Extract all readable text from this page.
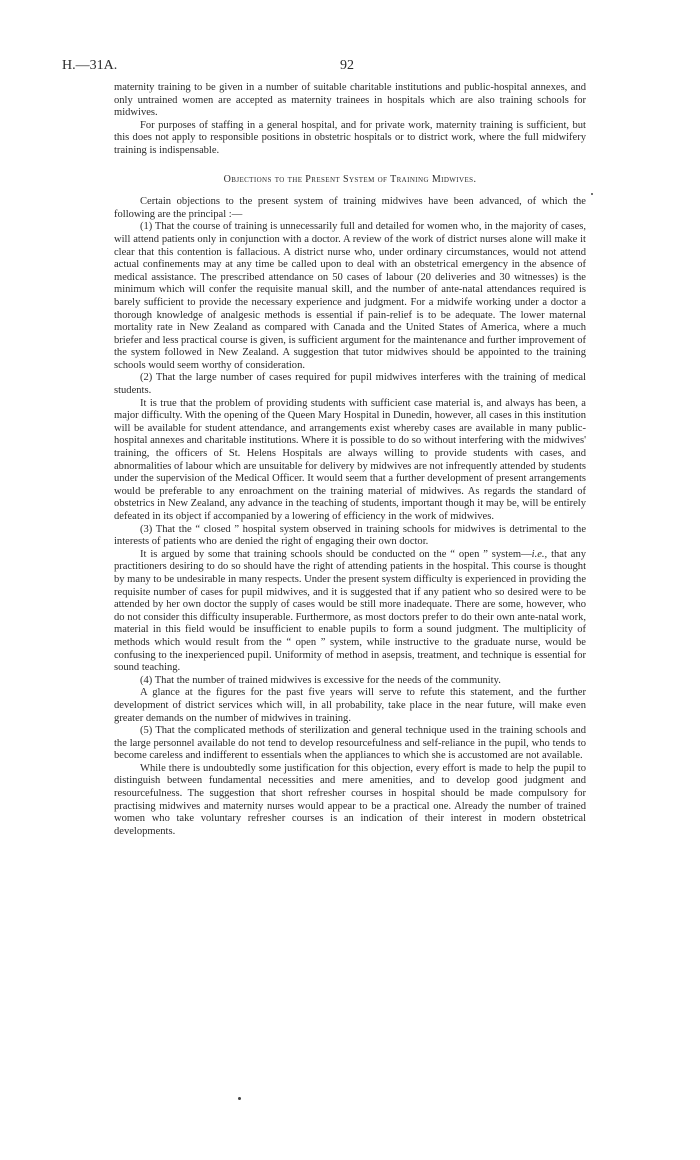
H.—31A.	92

maternity training to be given in a number of suitable charitable institutions and public-hospital annexes, and only untrained women are accepted as maternity trainees in hospitals which are also training schools for midwives.

For purposes of staffing in a general hospital, and for private work, maternity training is sufficient, but this does not apply to responsible positions in obstetric hospitals or to district work, where the full midwifery training is indispensable.

Objections to the Present System of Training Midwives.

Certain objections to the present system of training midwives have been advanced, of which the following are the principal :—

(1) That the course of training is unnecessarily full and detailed for women who, in the majority of cases, will attend patients only in conjunction with a doctor. A review of the work of district nurses alone will make it clear that this contention is fallacious. A district nurse who, under ordinary circumstances, would not attend actual confinements may at any time be called upon to deal with an obstetrical emergency in the absence of medical assistance. The prescribed attendance on 50 cases of labour (20 deliveries and 30 witnesses) is the minimum which will confer the requisite manual skill, and the number of ante-natal attendances required is barely sufficient to provide the necessary experience and judgment. For a midwife working under a doctor a thorough knowledge of analgesic methods is essential if pain-relief is to be adequate. The lower maternal mortality rate in New Zealand as compared with Canada and the United States of America, where a much briefer and less practical course is given, is sufficient argument for the maintenance and further improvement of the system followed in New Zealand. A suggestion that tutor midwives should be appointed to the training schools would seem worthy of consideration.

(2) That the large number of cases required for pupil midwives interferes with the training of medical students.

It is true that the problem of providing students with sufficient case material is, and always has been, a major difficulty. With the opening of the Queen Mary Hospital in Dunedin, however, all cases in this institution will be available for student attendance, and arrangements exist whereby cases are available in many public-hospital annexes and charitable institutions. Where it is possible to do so without interfering with the midwives' training, the officers of St. Helens Hospitals are always willing to provide students with cases, and abnormalities of labour which are unsuitable for delivery by midwives are not infrequently attended by students under the supervision of the Medical Officer. It would seem that a further development of present arrangements would be preferable to any enroachment on the training material of midwives. As regards the standard of obstetrics in New Zealand, any advance in the teaching of students, important though it may be, will be entirely defeated in its object if accompanied by a lowering of efficiency in the work of midwives.

(3) That the “ closed ” hospital system observed in training schools for midwives is detrimental to the interests of patients who are denied the right of engaging their own doctor.

It is argued by some that training schools should be conducted on the “ open ” system—i.e., that any practitioners desiring to do so should have the right of attending patients in the hospital. This course is thought by many to be undesirable in many respects. Under the present system difficulty is experienced in providing the requisite number of cases for pupil midwives, and it is suggested that if any patient who so desired were to be attended by her own doctor the supply of cases would be still more inadequate. There are some, however, who do not consider this difficulty insuperable. Furthermore, as most doctors prefer to do their own ante-natal work, material in this field would be insufficient to enable pupils to form a sound judgment. The multiplicity of methods which would result from the “ open ” system, while instructive to the graduate nurse, would be confusing to the inexperienced pupil. Uniformity of method in asepsis, treatment, and technique is essential for sound teaching.

(4) That the number of trained midwives is excessive for the needs of the community.

A glance at the figures for the past five years will serve to refute this statement, and the further development of district services which will, in all probability, take place in the near future, will make even greater demands on the number of midwives in training.

(5) That the complicated methods of sterilization and general technique used in the training schools and the large personnel available do not tend to develop resourcefulness and self-reliance in the pupil, who tends to become careless and indifferent to essentials when the appliances to which she is accustomed are not available.

While there is undoubtedly some justification for this objection, every effort is made to help the pupil to distinguish between fundamental necessities and mere amenities, and to develop good judgment and resourcefulness. The suggestion that short refresher courses in hospital should be made compulsory for practising midwives and maternity nurses would appear to be a practical one. Already the number of trained women who take voluntary refresher courses is an indication of their interest in modern obstetrical developments.
